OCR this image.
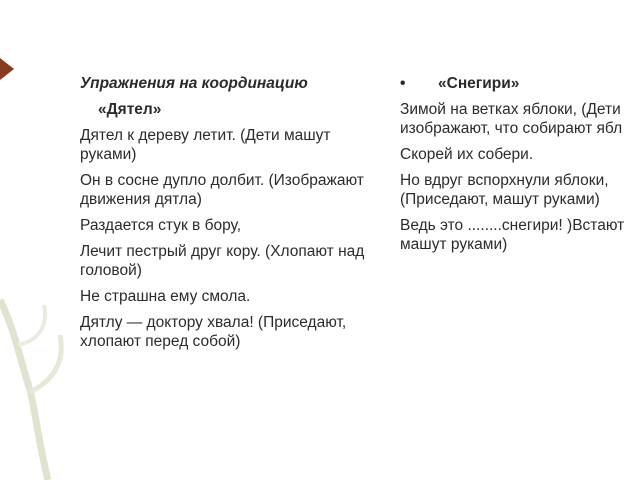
Упражнения на координацию

«Дятел»

Дятел к дереву летит. (Дети машут руками)

Он в сосне дупло долбит. (Изображают движения дятла)

Раздается стук в бору,

Лечит пестрый друг кору. (Хлопают над головой)

Не страшна ему смола.

Дятлу — доктору хвала! (Приседают, хлопают перед собой)

• «Снегири»

Зимой на ветках яблоки, (Дети
изображают, что собирают ябл

Скорей их собери.

Но вдруг вспорхнули яблоки,
(Приседают, машут руками)

Ведь это ........снегири! )Встают
машут руками)
